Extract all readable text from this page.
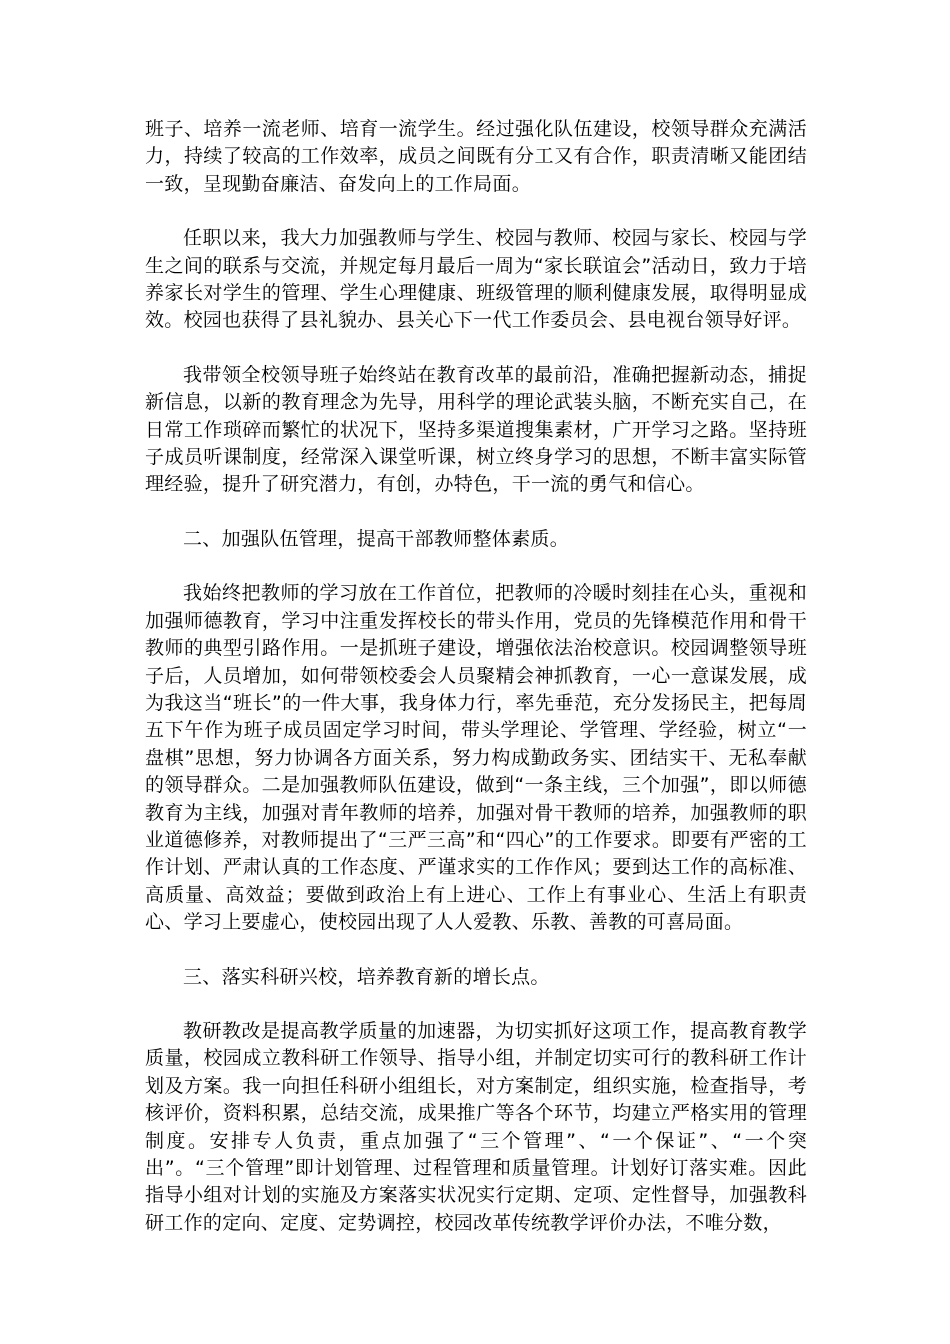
班子、培养一流老师、培育一流学生。经过强化队伍建设，校领导群众充满活力，持续了较高的工作效率，成员之间既有分工又有合作，职责清晰又能团结一致，呈现勤奋廉洁、奋发向上的工作局面。

任职以来，我大力加强教师与学生、校园与教师、校园与家长、校园与学生之间的联系与交流，并规定每月最后一周为“家长联谊会”活动日，致力于培养家长对学生的管理、学生心理健康、班级管理的顺利健康发展，取得明显成效。校园也获得了县礼貌办、县关心下一代工作委员会、县电视台领导好评。

我带领全校领导班子始终站在教育改革的最前沿，准确把握新动态，捕捉新信息，以新的教育理念为先导，用科学的理论武装头脑，不断充实自己，在日常工作琐碎而繁忙的状况下，坚持多渠道搜集素材，广开学习之路。坚持班子成员听课制度，经常深入课堂听课，树立终身学习的思想，不断丰富实际管理经验，提升了研究潜力，有创，办特色，干一流的勇气和信心。

二、加强队伍管理，提高干部教师整体素质。

我始终把教师的学习放在工作首位，把教师的冷暖时刻挂在心头，重视和加强师德教育，学习中注重发挥校长的带头作用，党员的先锋模范作用和骨干教师的典型引路作用。一是抓班子建设，增强依法治校意识。校园调整领导班子后，人员增加，如何带领校委会人员聚精会神抓教育，一心一意谋发展，成为我这当“班长”的一件大事，我身体力行，率先垂范，充分发扬民主，把每周五下午作为班子成员固定学习时间，带头学理论、学管理、学经验，树立“一盘棋”思想，努力协调各方面关系，努力构成勤政务实、团结实干、无私奉献的领导群众。二是加强教师队伍建设，做到“一条主线，三个加强”，即以师德教育为主线，加强对青年教师的培养，加强对骨干教师的培养，加强教师的职业道德修养，对教师提出了“三严三高”和“四心”的工作要求。即要有严密的工作计划、严肃认真的工作态度、严谨求实的工作作风；要到达工作的高标准、高质量、高效益；要做到政治上有上进心、工作上有事业心、生活上有职责心、学习上要虚心，使校园出现了人人爱教、乐教、善教的可喜局面。

三、落实科研兴校，培养教育新的增长点。

教研教改是提高教学质量的加速器，为切实抓好这项工作，提高教育教学质量，校园成立教科研工作领导、指导小组，并制定切实可行的教科研工作计划及方案。我一向担任科研小组组长，对方案制定，组织实施，检查指导，考核评价，资料积累，总结交流，成果推广等各个环节，均建立严格实用的管理制度。安排专人负责，重点加强了“三个管理”、“一个保证”、“一个突出”。“三个管理”即计划管理、过程管理和质量管理。计划好订落实难。因此指导小组对计划的实施及方案落实状况实行定期、定项、定性督导，加强教科研工作的定向、定度、定势调控，校园改革传统教学评价办法，不唯分数，
